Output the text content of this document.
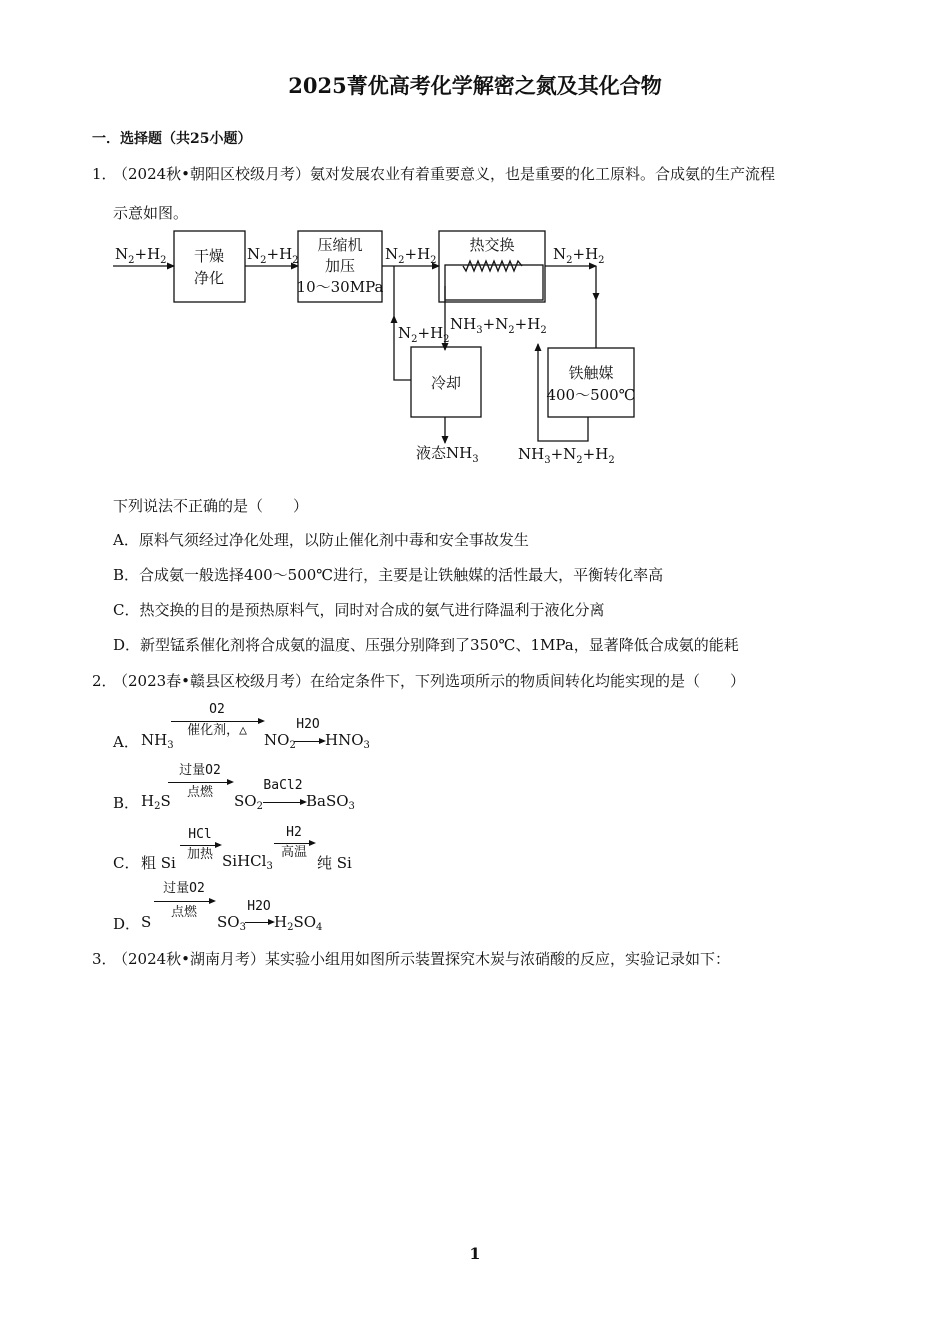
2025菁优高考化学解密之氮及其化合物
一．选择题（共25小题）
1．
（2024秋•朝阳区校级月考）氨对发展农业有着重要意义，也是重要的化工原料。合成氨的生产流程
示意如图。
干燥
净化
压缩机
加压
10～30MPa
热交换
冷却
铁触媒
400～500℃
$N_2+H_2$	$N_2+H_2$	$N_2+H_2$	$N_2+H_2$
$N_2+H_2$
$NH_3+N_2+H_2$
液态$NH_3$	$NH_3+N_2+H_2$
下列说法不正确的是（　　）
A．原料气须经过净化处理，以防止催化剂中毒和安全事故发生
B．合成氨一般选择400～500℃进行，主要是让铁触媒的活性最大，平衡转化率高
C．热交换的目的是预热原料气，同时对合成的氨气进行降温利于液化分离
D．新型锰系催化剂将合成氨的温度、压强分别降到了350℃、1MPa，显著降低合成氨的能耗
2．
（2023春•赣县区校级月考）在给定条件下，下列选项所示的物质间转化均能实现的是（　　）
A． $NH_3$
O2
催化剂，△
$NO_2$
H2O
$HNO_3$
B． $H_2S$
过量O2
点燃	$SO_2$
BaCl2
BaSO$_3$
C． 粗 Si
HCl
加热 SiHCl$_3$
H2
高温
纯 Si
D． S
过量O2
点燃
$SO_3$
H2O
$H_2SO_4$
3．
（2024秋•湖南月考）某实验小组用如图所示装置探究木炭与浓硝酸的反应，实验记录如下：
1
